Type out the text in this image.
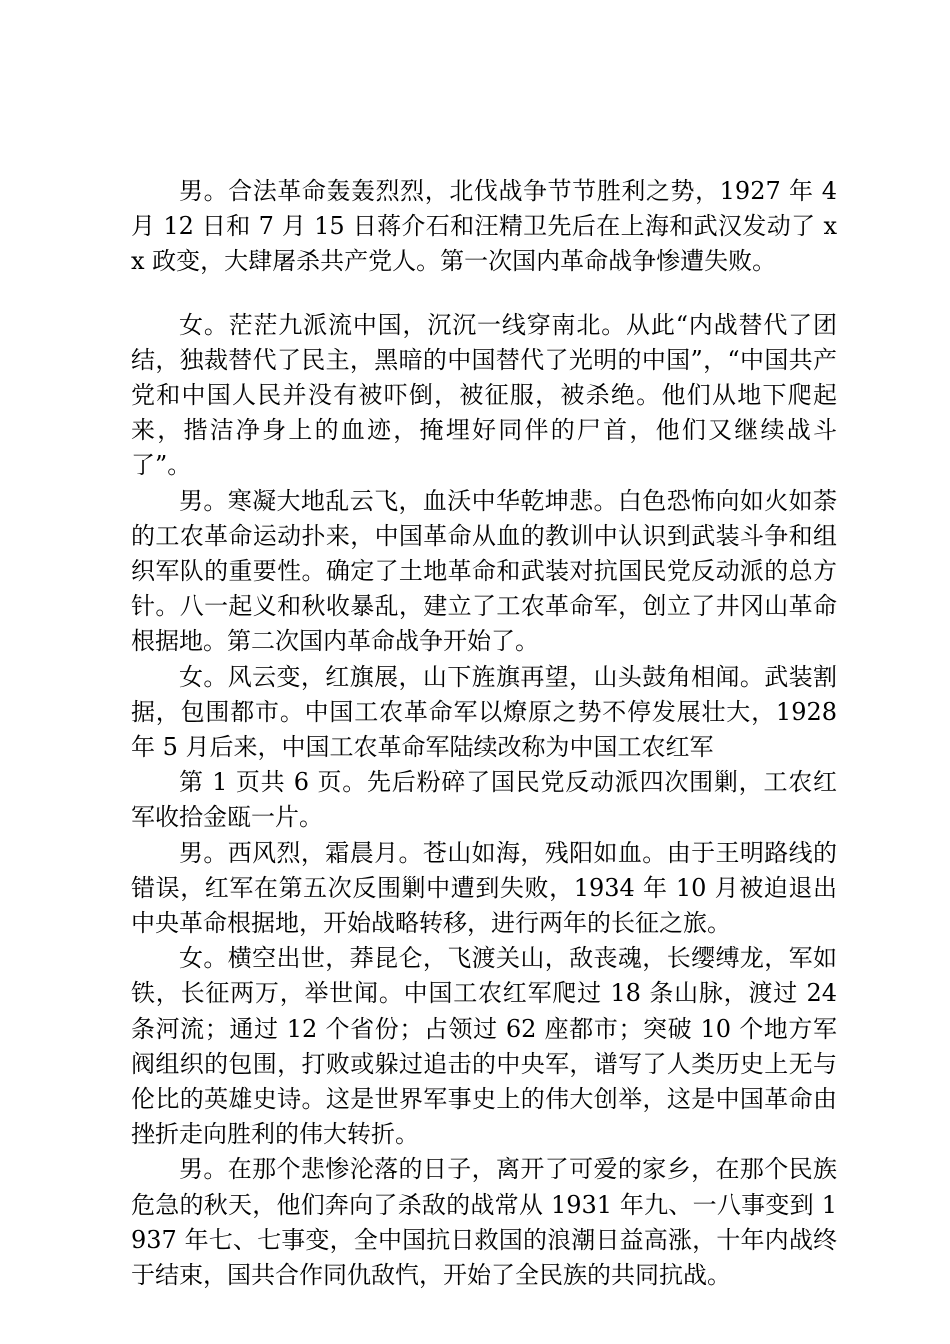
男。合法革命轰轰烈烈，北伐战争节节胜利之势，1927 年 4 月 12 日和 7 月 15 日蒋介石和汪精卫先后在上海和武汉发动了 xx 政变，大肆屠杀共产党人。第一次国内革命战争惨遭失败。

女。茫茫九派流中国，沉沉一线穿南北。从此“内战替代了团结，独裁替代了民主，黑暗的中国替代了光明的中国”，“中国共产党和中国人民并没有被吓倒，被征服，被杀绝。他们从地下爬起来，揩洁净身上的血迹，掩埋好同伴的尸首，他们又继续战斗了”。

男。寒凝大地乱云飞，血沃中华乾坤悲。白色恐怖向如火如荼的工农革命运动扑来，中国革命从血的教训中认识到武装斗争和组织军队的重要性。确定了土地革命和武装对抗国民党反动派的总方针。八一起义和秋收暴乱，建立了工农革命军，创立了井冈山革命根据地。第二次国内革命战争开始了。

女。风云变，红旗展，山下旌旗再望，山头鼓角相闻。武装割据，包围都市。中国工农革命军以燎原之势不停发展壮大，1928 年 5 月后来，中国工农革命军陆续改称为中国工农红军

第 1 页共 6 页。先后粉碎了国民党反动派四次围剿，工农红军收拾金瓯一片。

男。西风烈，霜晨月。苍山如海，残阳如血。由于王明路线的错误，红军在第五次反围剿中遭到失败，1934 年 10 月被迫退出中央革命根据地，开始战略转移，进行两年的长征之旅。

女。横空出世，莽昆仑，飞渡关山，敌丧魂，长缨缚龙，军如铁，长征两万，举世闻。中国工农红军爬过 18 条山脉，渡过 24 条河流；通过 12 个省份；占领过 62 座都市；突破 10 个地方军阀组织的包围，打败或躲过追击的中央军，谱写了人类历史上无与伦比的英雄史诗。这是世界军事史上的伟大创举，这是中国革命由挫折走向胜利的伟大转折。

男。在那个悲惨沦落的日子，离开了可爱的家乡，在那个民族危急的秋天，他们奔向了杀敌的战常从 1931 年九、一八事变到 1937 年七、七事变，全中国抗日救国的浪潮日益高涨，十年内战终于结束，国共合作同仇敌忾，开始了全民族的共同抗战。
